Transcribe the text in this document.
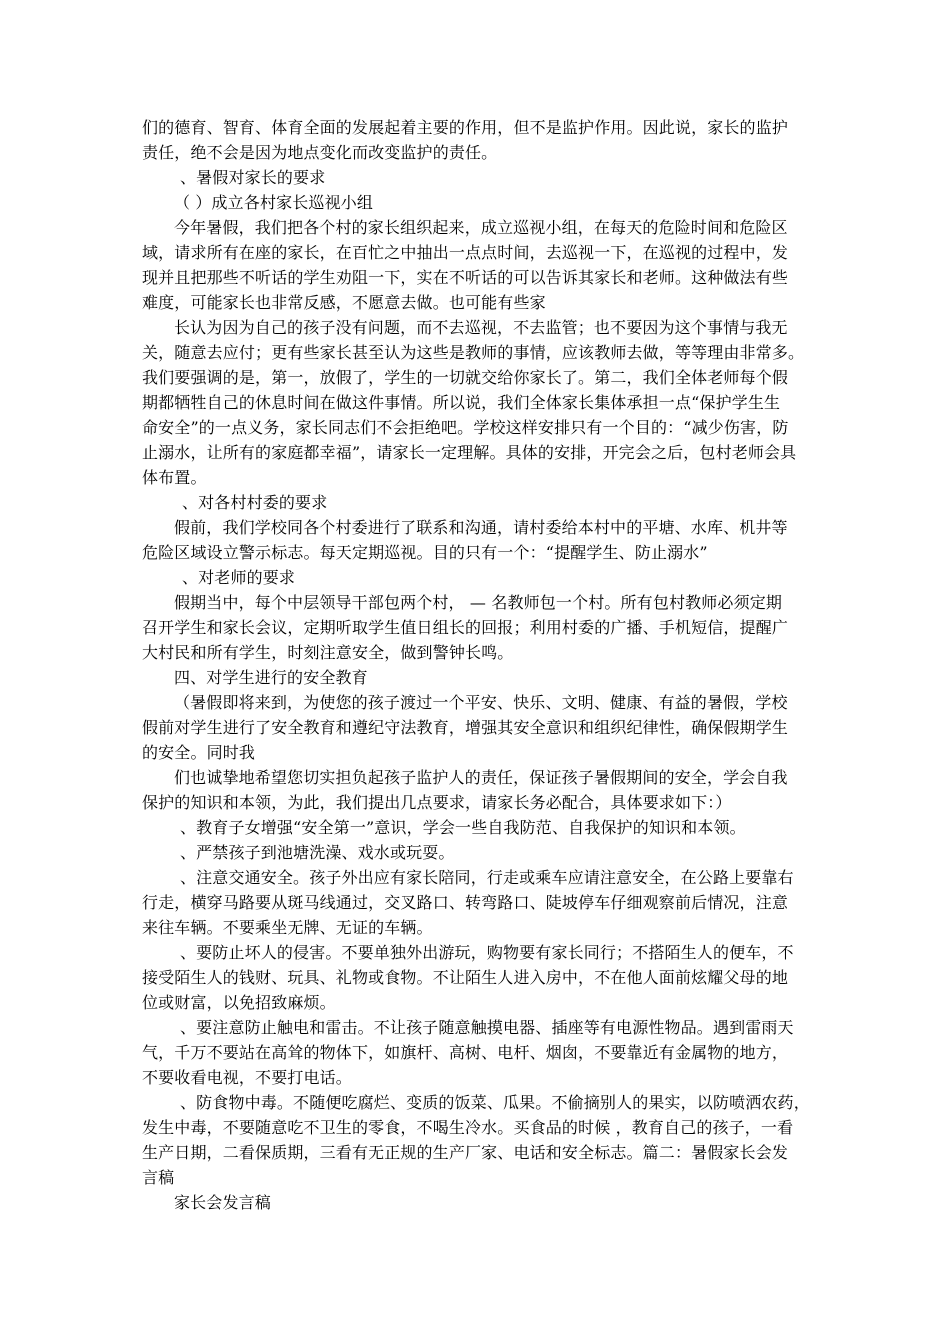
们的德育、智育、体育全面的发展起着主要的作用，但不是监护作用。因此说，家长的监护
责任，绝不会是因为地点变化而改变监护的责任。
、暑假对家长的要求
（ ）成立各村家长巡视小组
今年暑假，我们把各个村的家长组织起来，成立巡视小组，在每天的危险时间和危险区
域，请求所有在座的家长，在百忙之中抽出一点点时间，去巡视一下，在巡视的过程中，发
现并且把那些不听话的学生劝阻一下，实在不听话的可以告诉其家长和老师。这种做法有些
难度，可能家长也非常反感，不愿意去做。也可能有些家
长认为因为自己的孩子没有问题，而不去巡视，不去监管；也不要因为这个事情与我无
关，随意去应付；更有些家长甚至认为这些是教师的事情，应该教师去做，等等理由非常多。
我们要强调的是，第一，放假了，学生的一切就交给你家长了。第二，我们全体老师每个假
期都牺牲自己的休息时间在做这件事情。所以说，我们全体家长集体承担一点“保护学生生
命安全”的一点义务，家长同志们不会拒绝吧。学校这样安排只有一个目的：“减少伤害，防
止溺水，让所有的家庭都幸福”，请家长一定理解。具体的安排，开完会之后，包村老师会具
体布置。
、对各村村委的要求
假前，我们学校同各个村委进行了联系和沟通，请村委给本村中的平塘、水库、机井等
危险区域设立警示标志。每天定期巡视。目的只有一个：“提醒学生、防止溺水”
、对老师的要求
假期当中，每个中层领导干部包两个村， — 名教师包一个村。所有包村教师必须定期
召开学生和家长会议，定期听取学生值日组长的回报；利用村委的广播、手机短信，提醒广
大村民和所有学生，时刻注意安全，做到警钟长鸣。
四、对学生进行的安全教育
（暑假即将来到，为使您的孩子渡过一个平安、快乐、文明、健康、有益的暑假，学校
假前对学生进行了安全教育和遵纪守法教育，增强其安全意识和组织纪律性，确保假期学生
的安全。同时我
们也诚挚地希望您切实担负起孩子监护人的责任，保证孩子暑假期间的安全，学会自我
保护的知识和本领，为此，我们提出几点要求，请家长务必配合，具体要求如下：）
、教育子女增强“安全第一”意识，学会一些自我防范、自我保护的知识和本领。
、严禁孩子到池塘洗澡、戏水或玩耍。
、注意交通安全。孩子外出应有家长陪同，行走或乘车应请注意安全，在公路上要靠右
行走，横穿马路要从斑马线通过，交叉路口、转弯路口、陡坡停车仔细观察前后情况，注意
来往车辆。不要乘坐无牌、无证的车辆。
、要防止坏人的侵害。不要单独外出游玩，购物要有家长同行；不搭陌生人的便车，不
接受陌生人的钱财、玩具、礼物或食物。不让陌生人进入房中，不在他人面前炫耀父母的地
位或财富，以免招致麻烦。
、要注意防止触电和雷击。不让孩子随意触摸电器、插座等有电源性物品。遇到雷雨天
气，千万不要站在高耸的物体下，如旗杆、高树、电杆、烟囱，不要靠近有金属物的地方，
不要收看电视，不要打电话。
、防食物中毒。不随便吃腐烂、变质的饭菜、瓜果。不偷摘别人的果实，以防喷洒农药，
发生中毒，不要随意吃不卫生的零食，不喝生冷水。买食品的时候 ，教育自己的孩子，一看
生产日期，二看保质期，三看有无正规的生产厂家、电话和安全标志。篇二：暑假家长会发
言稿
家长会发言稿
